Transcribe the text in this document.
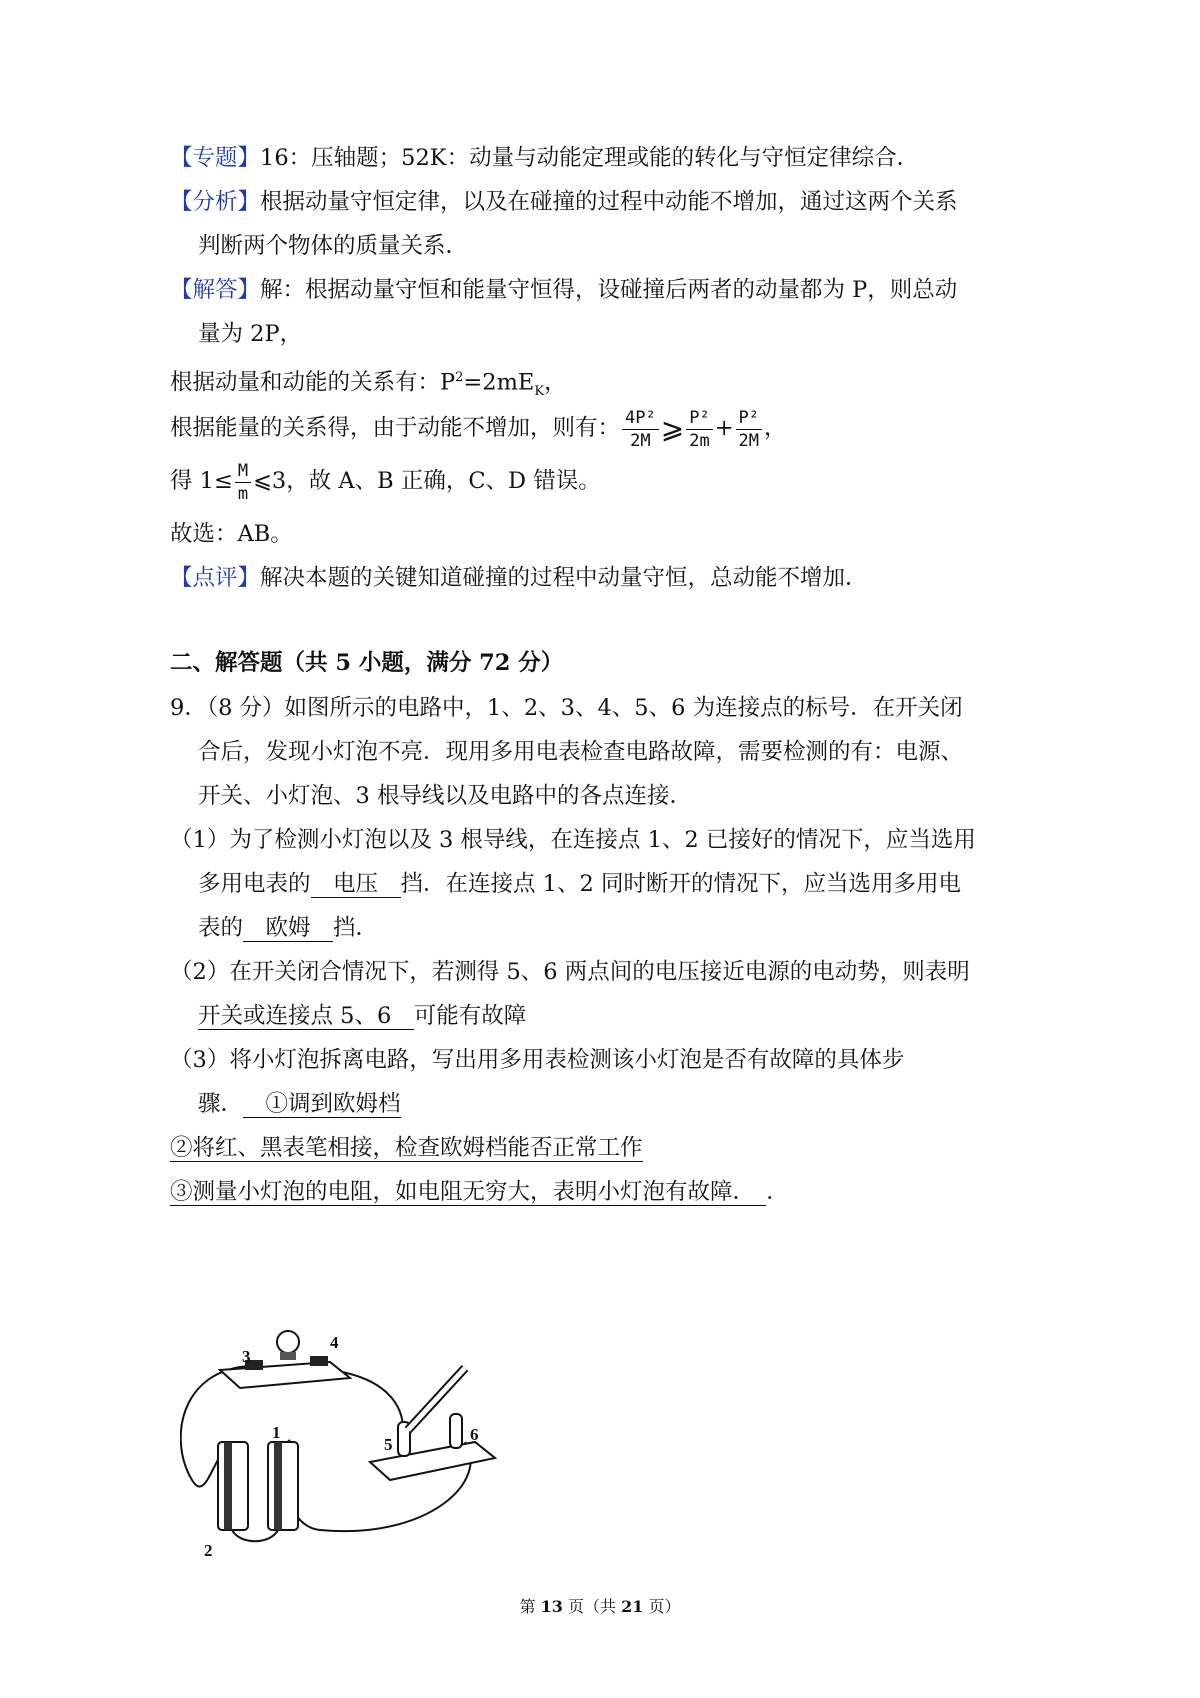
【专题】16：压轴题；52K：动量与动能定理或能的转化与守恒定律综合．
【分析】根据动量守恒定律，以及在碰撞的过程中动能不增加，通过这两个关系
判断两个物体的质量关系．
【解答】解：根据动量守恒和能量守恒得，设碰撞后两者的动量都为 P，则总动
量为 2P，
根据动量和动能的关系有：$P^2=2mE_K$，
根据能量的关系得，由于动能不增加，则有： $\frac{\text{4P²}}{2M}$ ⩾ $\frac{\text{P²}}{2m} + \frac{\text{P²}}{2M}$ ，
得 $1\le \frac{M}{m}$ ⩽3，故 A、B 正确，C、D 错误。
故选：AB。
【点评】解决本题的关键知道碰撞的过程中动量守恒，总动能不增加．
二、解答题（共 5 小题，满分 72 分）
9．（8 分）如图所示的电路中，1、2、3、4、5、6 为连接点的标号．在开关闭
合后，发现小灯泡不亮．现用多用电表检查电路故障，需要检测的有：电源、
开关、小灯泡、3 根导线以及电路中的各点连接．
（1）为了检测小灯泡以及 3 根导线，在连接点 1、2 已接好的情况下，应当选用
多用电表的　电压　挡．在连接点 1、2 同时断开的情况下，应当选用多用电
表的　欧姆　挡．
（2）在开关闭合情况下，若测得 5、6 两点间的电压接近电源的电动势，则表明
开关或连接点 5、6　可能有故障
（3）将小灯泡拆离电路，写出用多用表检测该小灯泡是否有故障的具体步
骤．　①调到欧姆档
②将红、黑表笔相接，检查欧姆档能否正常工作
③测量小灯泡的电阻，如电阻无穷大，表明小灯泡有故障．　．
3
4
5
6
1
2
第 13 页（共 21 页）
